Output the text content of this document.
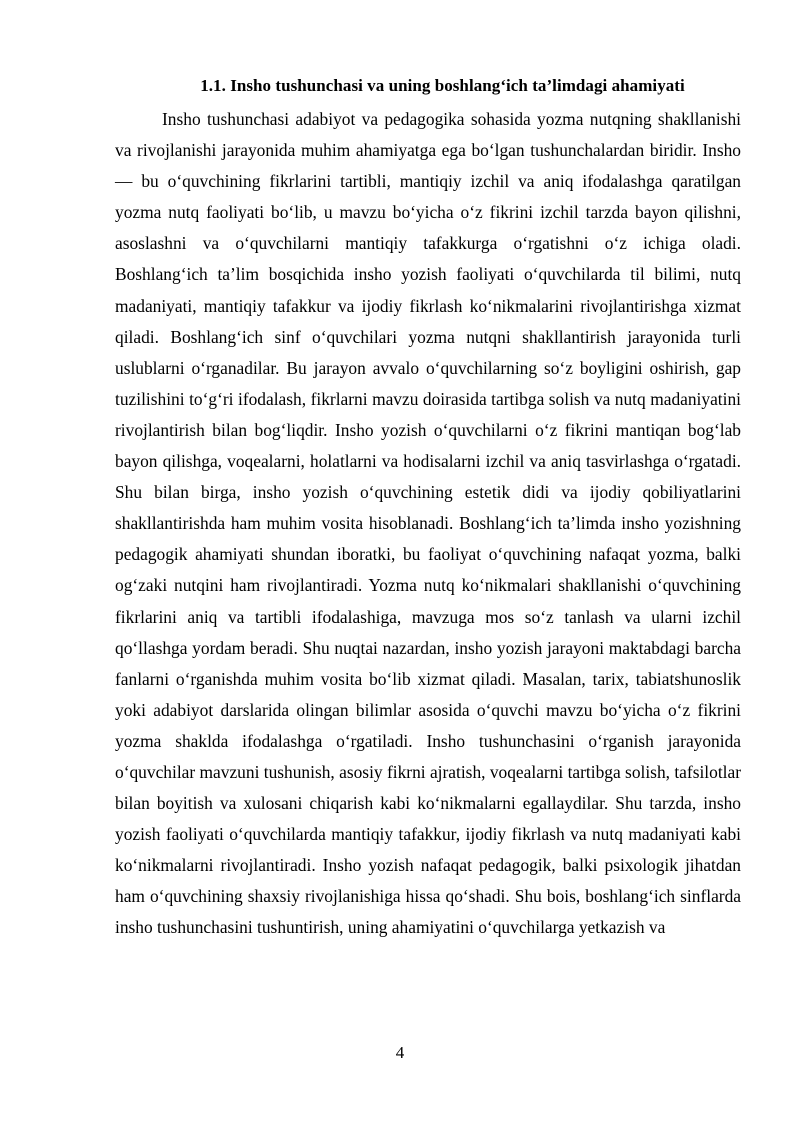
1.1. Insho tushunchasi va uning boshlang‘ich ta’limdagi ahamiyati

Insho tushunchasi adabiyot va pedagogika sohasida yozma nutqning shakllanishi va rivojlanishi jarayonida muhim ahamiyatga ega bo‘lgan tushunchalardan biridir. Insho — bu o‘quvchining fikrlarini tartibli, mantiqiy izchil va aniq ifodalashga qaratilgan yozma nutq faoliyati bo‘lib, u mavzu bo‘yicha o‘z fikrini izchil tarzda bayon qilishni, asoslashni va o‘quvchilarni mantiqiy tafakkurga o‘rgatishni o‘z ichiga oladi. Boshlang‘ich ta’lim bosqichida insho yozish faoliyati o‘quvchilarda til bilimi, nutq madaniyati, mantiqiy tafakkur va ijodiy fikrlash ko‘nikmalarini rivojlantirishga xizmat qiladi. Boshlang‘ich sinf o‘quvchilari yozma nutqni shakllantirish jarayonida turli uslublarni o‘rganadilar. Bu jarayon avvalo o‘quvchilarning so‘z boyligini oshirish, gap tuzilishini to‘g‘ri ifodalash, fikrlarni mavzu doirasida tartibga solish va nutq madaniyatini rivojlantirish bilan bog‘liqdir. Insho yozish o‘quvchilarni o‘z fikrini mantiqan bog‘lab bayon qilishga, voqealarni, holatlarni va hodisalarni izchil va aniq tasvirlashga o‘rgatadi. Shu bilan birga, insho yozish o‘quvchining estetik didi va ijodiy qobiliyatlarini shakllantirishda ham muhim vosita hisoblanadi. Boshlang‘ich ta’limda insho yozishning pedagogik ahamiyati shundan iboratki, bu faoliyat o‘quvchining nafaqat yozma, balki og‘zaki nutqini ham rivojlantiradi. Yozma nutq ko‘nikmalari shakllanishi o‘quvchining fikrlarini aniq va tartibli ifodalashiga, mavzuga mos so‘z tanlash va ularni izchil qo‘llashga yordam beradi. Shu nuqtai nazardan, insho yozish jarayoni maktabdagi barcha fanlarni o‘rganishda muhim vosita bo‘lib xizmat qiladi. Masalan, tarix, tabiatshunoslik yoki adabiyot darslarida olingan bilimlar asosida o‘quvchi mavzu bo‘yicha o‘z fikrini yozma shaklda ifodalashga o‘rgatiladi. Insho tushunchasini o‘rganish jarayonida o‘quvchilar mavzuni tushunish, asosiy fikrni ajratish, voqealarni tartibga solish, tafsilotlar bilan boyitish va xulosani chiqarish kabi ko‘nikmalarni egallaydilar. Shu tarzda, insho yozish faoliyati o‘quvchilarda mantiqiy tafakkur, ijodiy fikrlash va nutq madaniyati kabi ko‘nikmalarni rivojlantiradi. Insho yozish nafaqat pedagogik, balki psixologik jihatdan ham o‘quvchining shaxsiy rivojlanishiga hissa qo‘shadi. Shu bois, boshlang‘ich sinflarda insho tushunchasini tushuntirish, uning ahamiyatini o‘quvchilarga yetkazish va

4
